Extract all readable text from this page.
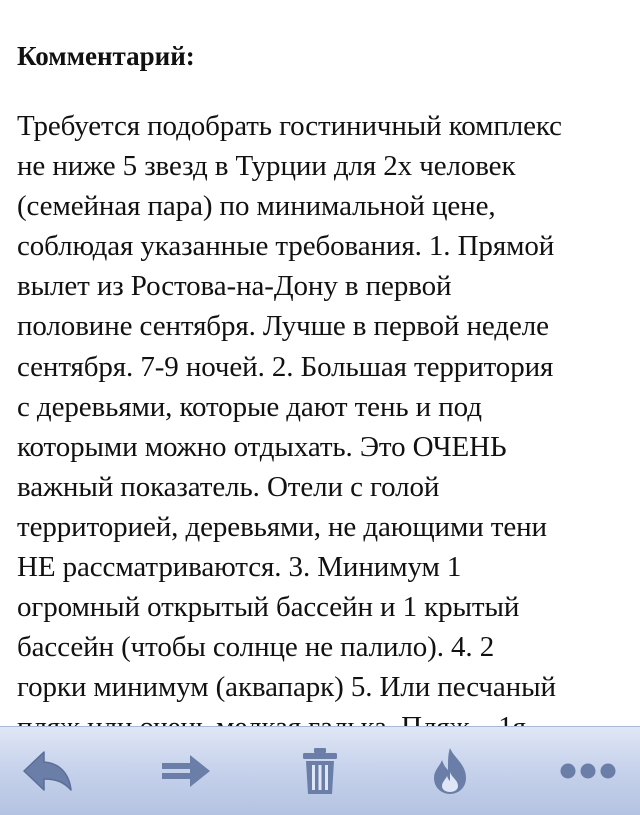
Комментарий:

Требуется подобрать гостиничный комплекс
не ниже 5 звезд в Турции для 2х человек
(семейная пара) по минимальной цене,
соблюдая указанные требования. 1. Прямой
вылет из Ростова-на-Дону в первой
половине сентября. Лучше в первой неделе
сентября. 7-9 ночей. 2. Большая территория
с деревьями, которые дают тень и под
которыми можно отдыхать. Это ОЧЕНЬ
важный показатель. Отели с голой
территорией, деревьями, не дающими тени
НЕ рассматриваются. 3. Минимум 1
огромный открытый бассейн и 1 крытый
бассейн (чтобы солнце не палило). 4. 2
горки минимум (аквапарк) 5. Или песчаный
